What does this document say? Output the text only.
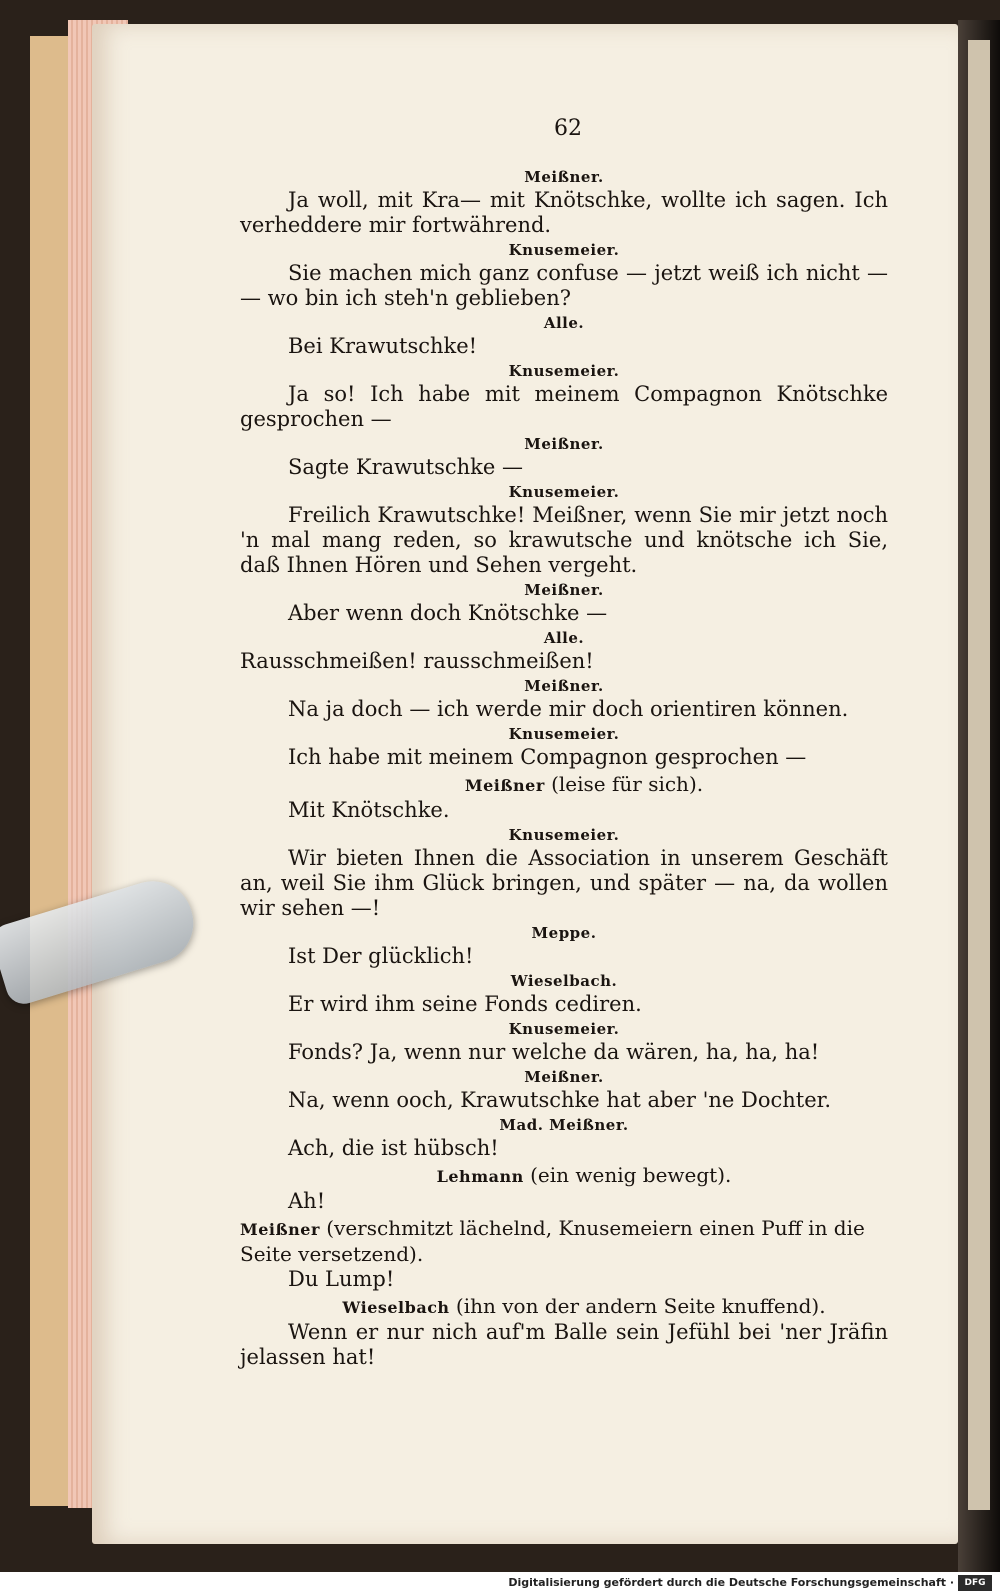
62
Meißner.
Ja woll, mit Kra— mit Knötschke, wollte ich sagen. Ich verheddere mir fortwährend.
Knusemeier.
Sie machen mich ganz confuse — jetzt weiß ich nicht — — wo bin ich steh'n geblieben?
Alle.
Bei Krawutschke!
Knusemeier.
Ja so! Ich habe mit meinem Compagnon Knötschke gesprochen —
Meißner.
Sagte Krawutschke —
Knusemeier.
Freilich Krawutschke! Meißner, wenn Sie mir jetzt noch 'n mal mang reden, so krawutsche und knötsche ich Sie, daß Ihnen Hören und Sehen vergeht.
Meißner.
Aber wenn doch Knötschke —
Alle.
Rausschmeißen! rausschmeißen!
Meißner.
Na ja doch — ich werde mir doch orientiren können.
Knusemeier.
Ich habe mit meinem Compagnon gesprochen —
Meißner (leise für sich).
Mit Knötschke.
Knusemeier.
Wir bieten Ihnen die Association in unserem Geschäft an, weil Sie ihm Glück bringen, und später — na, da wollen wir sehen —!
Meppe.
Ist Der glücklich!
Wieselbach.
Er wird ihm seine Fonds cediren.
Knusemeier.
Fonds? Ja, wenn nur welche da wären, ha, ha, ha!
Meißner.
Na, wenn ooch, Krawutschke hat aber 'ne Dochter.
Mad. Meißner.
Ach, die ist hübsch!
Lehmann (ein wenig bewegt).
Ah!
Meißner (verschmitzt lächelnd, Knusemeiern einen Puff in die Seite versetzend).
Du Lump!
Wieselbach (ihn von der andern Seite knuffend).
Wenn er nur nich auf'm Balle sein Jefühl bei 'ner Jräfin jelassen hat!
Digitalisierung gefördert durch die Deutsche Forschungsgemeinschaft ·	DFG
